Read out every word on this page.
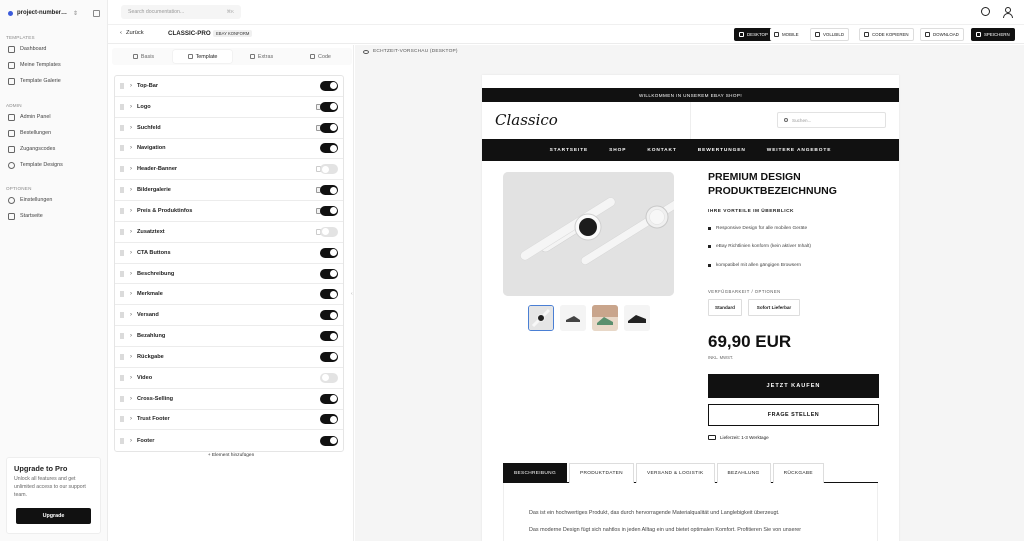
project-number… ⇕
TEMPLATES
Dashboard
Meine Templates
Template Galerie
ADMIN
Admin Panel
Bestellungen
Zugangscodes
Template Designs
OPTIONEN
Einstellungen
Startseite
Upgrade to Pro
Unlock all features and get unlimited access to our support team.
Upgrade
Search documentation...	⌘K
‹ Zurück	CLASSIC-PRO	EBAY KONFORM	DESKTOP	MOBILE	VOLLBILD	CODE KOPIEREN	DOWNLOAD	SPEICHERN
Basis	Template	Extras	Code
› Top-Bar
› Logo
› Suchfeld
› Navigation
› Header-Banner
› Bildergalerie
› Preis & Produktinfos
› Zusatztext
› CTA Buttons
› Beschreibung
› Merkmale
› Versand
› Bezahlung
› Rückgabe
› Video
› Cross-Selling
› Trust Footer
› Footer
+ Element hinzufügen
‹
ECHTZEIT-VORSCHAU (DESKTOP)
WILLKOMMEN IN UNSEREM EBAY SHOP!
Classico	Suchen...
STARTSEITE	SHOP	KONTAKT	BEWERTUNGEN	WEITERE ANGEBOTE
PREMIUM DESIGN PRODUKTBEZEICHNUNG
IHRE VORTEILE IM ÜBERBLICK
Responsive Design für alle mobilen Geräte
eBay Richtlinien konform (kein aktiver Inhalt)
kompatibel mit allen gängigen Browsern
VERFÜGBARKEIT / OPTIONEN
Standard	Sofort Lieferbar
69,90 EUR
INKL. MWST.
JETZT KAUFEN
FRAGE STELLEN
Lieferzeit: 1-3 Werktage
BESCHREIBUNG	PRODUKTDATEN	VERSAND & LOGISTIK	BEZAHLUNG	RÜCKGABE
Das ist ein hochwertiges Produkt, das durch hervorragende Materialqualität und Langlebigkeit überzeugt.
Das moderne Design fügt sich nahtlos in jeden Alltag ein und bietet optimalen Komfort. Profitieren Sie von unserer
